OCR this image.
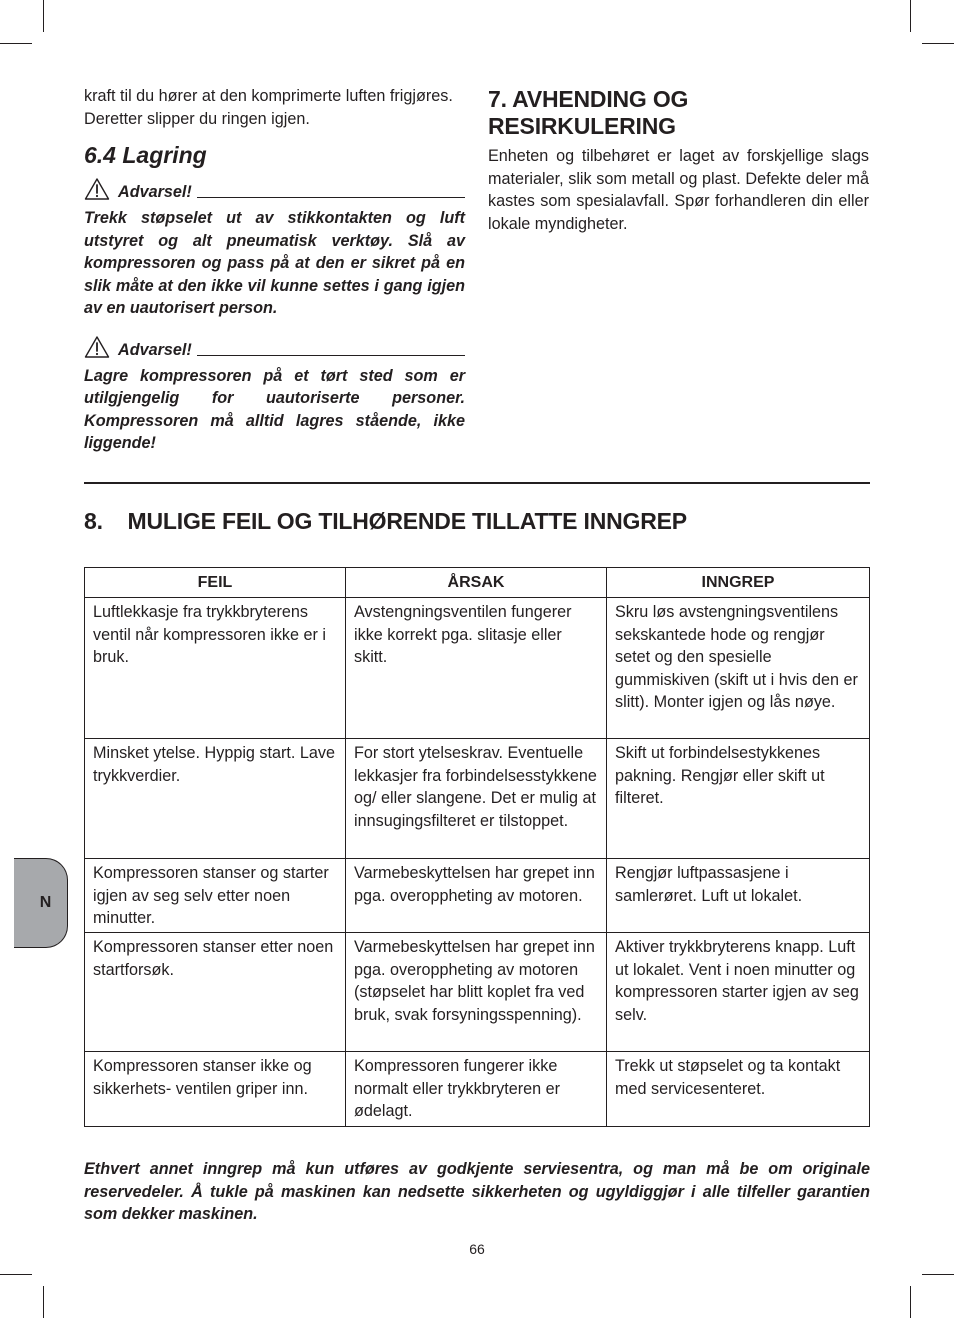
kraft til du hører at den komprimerte luften frigjøres. Deretter slipper du ringen igjen.

6.4 Lagring
Advarsel!

Trekk støpselet ut av stikkontakten og luft utstyret og alt pneumatisk verktøy. Slå av kompressoren og pass på at den er sikret på en slik måte at den ikke vil kunne settes i gang igjen av en uautorisert person.

Advarsel!

Lagre kompressoren på et tørt sted som er utilgjengelig for uautoriserte personer. Kompressoren må alltid lagres stående, ikke liggende!

7. AVHENDING OG RESIRKULERING

Enheten og tilbehøret er laget av forskjellige slags materialer, slik som metall og plast. Defekte deler må kastes som spesialavfall. Spør forhandleren din eller lokale myndigheter.

8.    MULIGE FEIL OG TILHØRENDE TILLATTE INNGREP
FEIL	ÅRSAK	INNGREP
Luftlekkasje fra trykkbryterens ventil når kompressoren ikke er i bruk.	Avstengningsventilen fungerer ikke korrekt pga. slitasje eller skitt.	Skru løs avstengningsventilens sekskantede hode og rengjør setet og den spesielle gummiskiven (skift ut i hvis den er slitt). Monter igjen og lås nøye.
Minsket ytelse. Hyppig start. Lave trykkverdier.	For stort ytelseskrav. Eventuelle lekkasjer fra forbindelsesstykkene og/ eller slangene. Det er mulig at innsugingsfilteret er tilstoppet.	Skift ut forbindelsestykkenes pakning. Rengjør eller skift ut filteret.
Kompressoren stanser og starter igjen av seg selv etter noen minutter.	Varmebeskyttelsen har grepet inn pga. overoppheting av motoren.	Rengjør luftpassasjene i samlerøret. Luft ut lokalet.
Kompressoren stanser etter noen startforsøk.	Varmebeskyttelsen har grepet inn pga. overoppheting av motoren (støpselet har blitt koplet fra ved bruk, svak forsyningsspenning).	Aktiver trykkbryterens knapp. Luft ut lokalet. Vent i noen minutter og kompressoren starter igjen av seg selv.
Kompressoren stanser ikke og sikkerhets- ventilen griper inn.	Kompressoren fungerer ikke normalt eller trykkbryteren er ødelagt.	Trekk ut støpselet og ta kontakt med servicesenteret.

Ethvert annet inngrep må kun utføres av godkjente serviesentra, og man må be om originale reservedeler. Å tukle på maskinen kan nedsette sikkerheten og ugyldiggjør i alle tilfeller garantien som dekker maskinen.

66
N
